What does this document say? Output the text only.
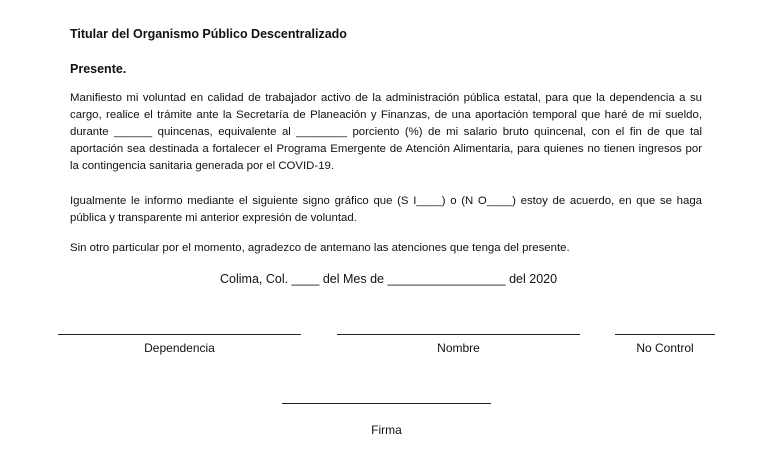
Titular del Organismo Público Descentralizado
Presente.
Manifiesto mi voluntad en calidad de trabajador activo de la administración pública estatal, para que la dependencia a su
cargo, realice el trámite ante la Secretaría de Planeación y Finanzas, de una aportación temporal que haré de mi sueldo,
durante ______ quincenas, equivalente al ________ porciento (%) de mi salario bruto quincenal, con el fin de que tal
aportación sea destinada a fortalecer el Programa Emergente de Atención Alimentaria, para quienes no tienen ingresos por
la contingencia sanitaria generada por el COVID-19.
Igualmente le informo mediante el siguiente signo gráfico que (S I____) o (N O____) estoy de acuerdo, en que se haga
pública y transparente mi anterior expresión de voluntad.
Sin otro particular por el momento, agradezco de antemano las atenciones que tenga del presente.
Colima, Col. ____ del Mes de _________________ del 2020
Dependencia	Nombre	No Control
Firma
